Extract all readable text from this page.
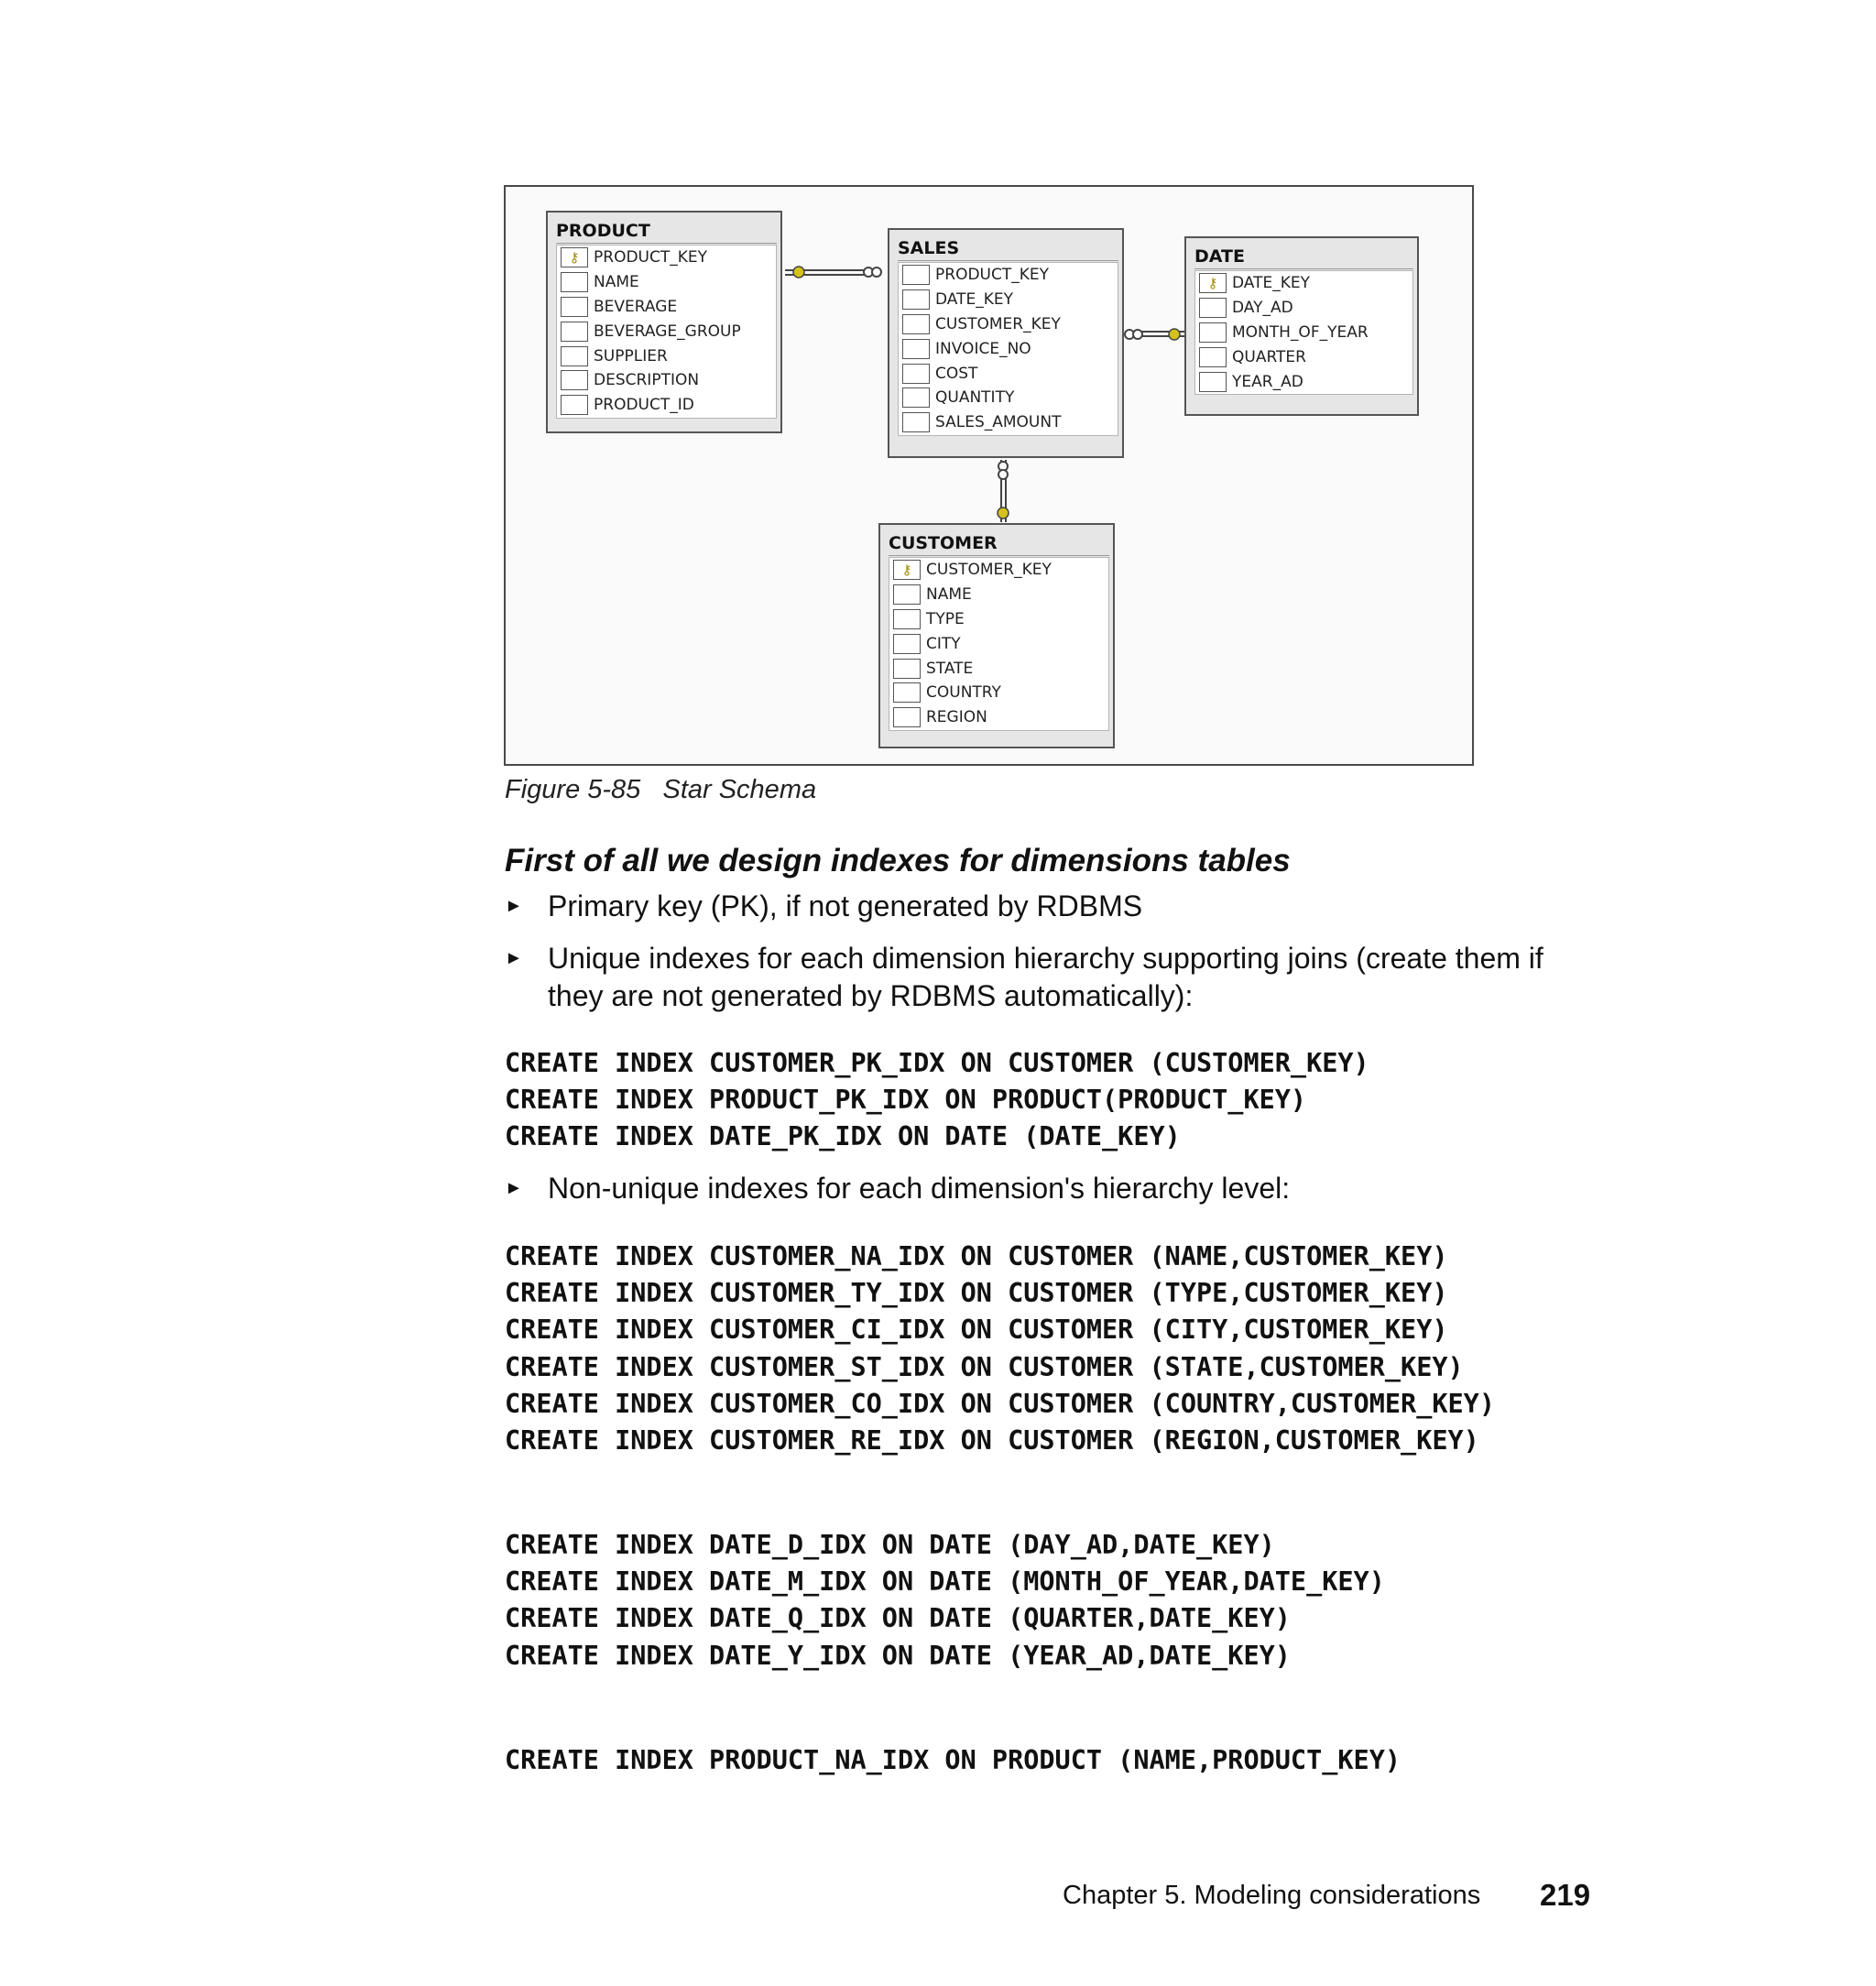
PRODUCT
⚷ PRODUCT_KEY
NAME
BEVERAGE
BEVERAGE_GROUP
SUPPLIER
DESCRIPTION
PRODUCT_ID
SALES
PRODUCT_KEY
DATE_KEY
CUSTOMER_KEY
INVOICE_NO
COST
QUANTITY
SALES_AMOUNT
DATE
⚷ DATE_KEY
DAY_AD
MONTH_OF_YEAR
QUARTER
YEAR_AD
CUSTOMER
⚷ CUSTOMER_KEY
NAME
TYPE
CITY
STATE
COUNTRY
REGION
Figure 5-85   Star Schema
First of all we design indexes for dimensions tables
► Primary key (PK), if not generated by RDBMS
► Unique indexes for each dimension hierarchy supporting joins (create them if they are not generated by RDBMS automatically):
CREATE INDEX CUSTOMER_PK_IDX ON CUSTOMER (CUSTOMER_KEY)
CREATE INDEX PRODUCT_PK_IDX ON PRODUCT(PRODUCT_KEY)
CREATE INDEX DATE_PK_IDX ON DATE (DATE_KEY)
► Non-unique indexes for each dimension's hierarchy level:
CREATE INDEX CUSTOMER_NA_IDX ON CUSTOMER (NAME,CUSTOMER_KEY)
CREATE INDEX CUSTOMER_TY_IDX ON CUSTOMER (TYPE,CUSTOMER_KEY)
CREATE INDEX CUSTOMER_CI_IDX ON CUSTOMER (CITY,CUSTOMER_KEY)
CREATE INDEX CUSTOMER_ST_IDX ON CUSTOMER (STATE,CUSTOMER_KEY)
CREATE INDEX CUSTOMER_CO_IDX ON CUSTOMER (COUNTRY,CUSTOMER_KEY)
CREATE INDEX CUSTOMER_RE_IDX ON CUSTOMER (REGION,CUSTOMER_KEY)
CREATE INDEX DATE_D_IDX ON DATE (DAY_AD,DATE_KEY)
CREATE INDEX DATE_M_IDX ON DATE (MONTH_OF_YEAR,DATE_KEY)
CREATE INDEX DATE_Q_IDX ON DATE (QUARTER,DATE_KEY)
CREATE INDEX DATE_Y_IDX ON DATE (YEAR_AD,DATE_KEY)
CREATE INDEX PRODUCT_NA_IDX ON PRODUCT (NAME,PRODUCT_KEY)
Chapter 5. Modeling considerations 219
